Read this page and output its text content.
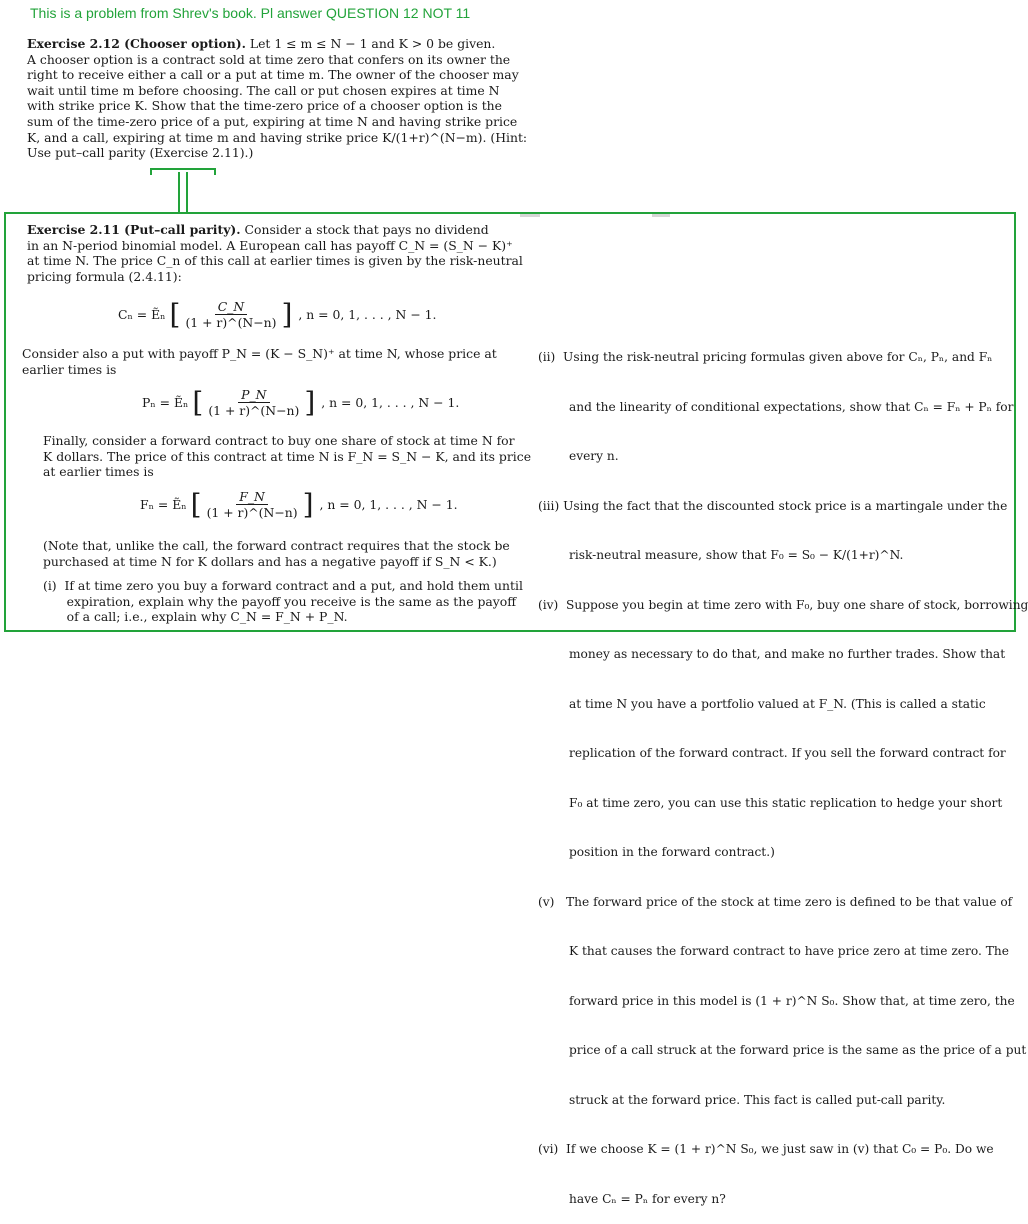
This is a problem from Shrev's book. Pl answer QUESTION 12 NOT 11
Exercise 2.12 (Chooser option). Let 1 ≤ m ≤ N − 1 and K > 0 be given.
A chooser option is a contract sold at time zero that confers on its owner the
right to receive either a call or a put at time m. The owner of the chooser may
wait until time m before choosing. The call or put chosen expires at time N
with strike price K. Show that the time-zero price of a chooser option is the
sum of the time-zero price of a put, expiring at time N and having strike price
K, and a call, expiring at time m and having strike price K/(1+r)^(N−m). (Hint:
Use put–call parity (Exercise 2.11).)
Exercise 2.11 (Put–call parity). Consider a stock that pays no dividend
in an N-period binomial model. A European call has payoff C_N = (S_N − K)⁺
at time N. The price C_n of this call at earlier times is given by the risk-neutral
pricing formula (2.4.11):
Cₙ = Ẽₙ [ $\frac{C\_N}{(1 + r)\^{}(N-n)}$ ] , n = 0, 1, . . . , N − 1.
Consider also a put with payoff P_N = (K − S_N)⁺ at time N, whose price at
earlier times is
Pₙ = Ẽₙ [ $\frac{P\_N}{(1 + r)\^{}(N-n)}$ ] , n = 0, 1, . . . , N − 1.
Finally, consider a forward contract to buy one share of stock at time N for
K dollars. The price of this contract at time N is F_N = S_N − K, and its price
at earlier times is
Fₙ = Ẽₙ [ $\frac{F\_N}{(1 + r)\^{}(N-n)}$ ] , n = 0, 1, . . . , N − 1.
(Note that, unlike the call, the forward contract requires that the stock be
purchased at time N for K dollars and has a negative payoff if S_N < K.)
(i)  If at time zero you buy a forward contract and a put, and hold them until
expiration, explain why the payoff you receive is the same as the payoff
of a call; i.e., explain why C_N = F_N + P_N.

(ii)  Using the risk-neutral pricing formulas given above for Cₙ, Pₙ, and Fₙ

and the linearity of conditional expectations, show that Cₙ = Fₙ + Pₙ for

every n.

(iii) Using the fact that the discounted stock price is a martingale under the

risk-neutral measure, show that F₀ = S₀ − K/(1+r)^N.

(iv)  Suppose you begin at time zero with F₀, buy one share of stock, borrowing

money as necessary to do that, and make no further trades. Show that

at time N you have a portfolio valued at F_N. (This is called a static

replication of the forward contract. If you sell the forward contract for

F₀ at time zero, you can use this static replication to hedge your short

position in the forward contract.)

(v)   The forward price of the stock at time zero is defined to be that value of

K that causes the forward contract to have price zero at time zero. The

forward price in this model is (1 + r)^N S₀. Show that, at time zero, the

price of a call struck at the forward price is the same as the price of a put

struck at the forward price. This fact is called put-call parity.

(vi)  If we choose K = (1 + r)^N S₀, we just saw in (v) that C₀ = P₀. Do we

have Cₙ = Pₙ for every n?
